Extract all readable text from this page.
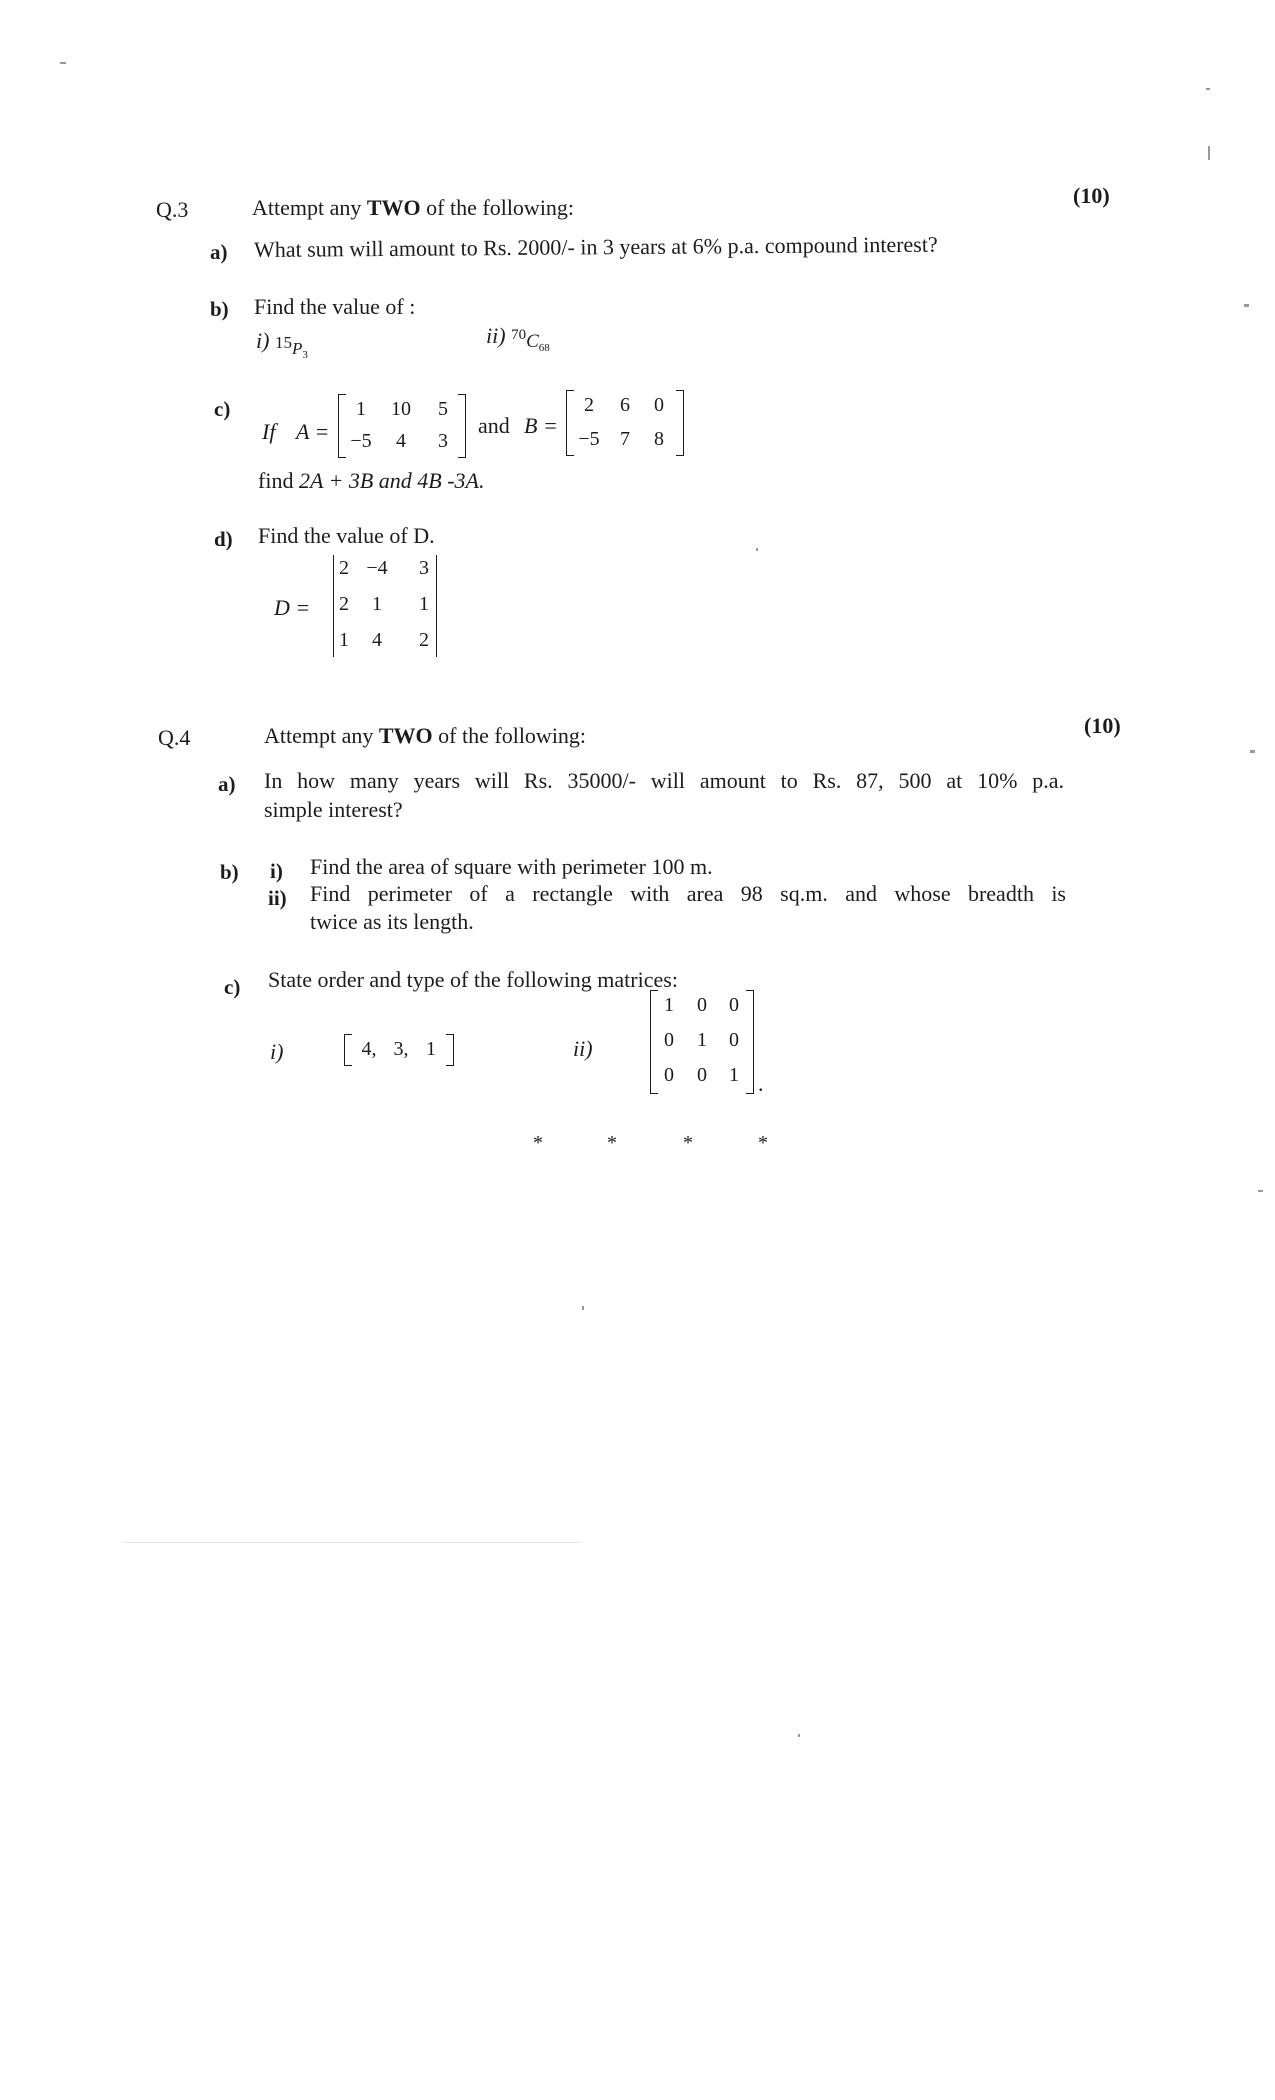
Q.3	Attempt any TWO of the following:	(10)
a) What sum will amount to Rs. 2000/- in 3 years at 6% p.a. compound interest?
b) Find the value of :
i) $15_{P3}$
ii) $70C_{68}$
c)
If A =
1	10	5
−5	4	3
and B =
2	6	0
−5	7	8
find 2A + 3B and 4B -3A.
d) Find the value of D.
D =
2 −4	3
2	1	1
1	4	2
Q.4	Attempt any TWO of the following:	(10)
a) In how many years will Rs. 35000/- will amount to Rs. 87, 500 at 10% p.a.
simple interest?
b) i) Find the area of square with perimeter 100 m.
ii) Find perimeter of a rectangle with area 98 sq.m. and whose breadth is
twice as its length.
c) State order and type of the following matrices:
i)	4, 3, 1	ii)
1	0	0
0	1	0
0	0	1 .
*	*	*	*
